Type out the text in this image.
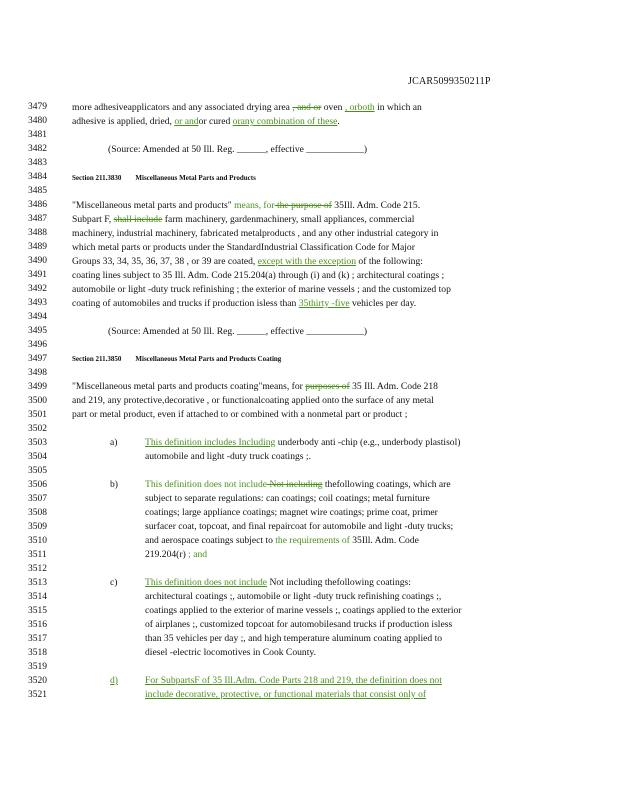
JCAR5099350211P
3479
3480
3481
3482
3483
3484
3485
3486
3487
3488
3489
3490
3491
3492
3493
3494
3495
3496
3497
3498
3499
3500
3501
3502
3503
3504
3505
3506
3507
3508
3509
3510
3511
3512
3513
3514
3515
3516
3517
3518
3519
3520
3521
more adhesiveapplicators and any associated drying area , and or oven , orboth in which an
adhesive is applied, dried, or andor cured orany combination of these.
(Source: Amended at 50 Ill. Reg. ______, effective ____________)
Section 211.3830 Miscellaneous Metal Parts and Products
"Miscellaneous metal parts and products" means, for the purpose of 35Ill. Adm. Code 215.
Subpart F, shall include farm machinery, gardenmachinery, small appliances, commercial
machinery, industrial machinery, fabricated metalproducts , and any other industrial category in
which metal parts or products under the StandardIndustrial Classification Code for Major
Groups 33, 34, 35, 36, 37, 38 , or 39 are coated, except with the exception of the following:
coating lines subject to 35 Ill. Adm. Code 215.204(a) through (i) and (k) ; architectural coatings ;
automobile or light -duty truck refinishing ; the exterior of marine vessels ; and the customized top
coating of automobiles and trucks if production isless than 35thirty -five vehicles per day.
(Source: Amended at 50 Ill. Reg. ______, effective ____________)
Section 211.3850 Miscellaneous Metal Parts and Products Coating
"Miscellaneous metal parts and products coating"means, for purposes of 35 Ill. Adm. Code 218
and 219, any protective,decorative , or functionalcoating applied onto the surface of any metal
part or metal product, even if attached to or combined with a nonmetal part or product ;
a)	This definition includes Including underbody anti -chip (e.g., underbody plastisol)
automobile and light -duty truck coatings ;.
b)	This definition does not include Not including thefollowing coatings, which are
subject to separate regulations: can coatings; coil coatings; metal furniture
coatings; large appliance coatings; magnet wire coatings; prime coat, primer
surfacer coat, topcoat, and final repaircoat for automobile and light -duty trucks;
and aerospace coatings subject to the requirements of 35Ill. Adm. Code
219.204(r) ; and
c)	This definition does not include Not including thefollowing coatings:
architectural coatings ;, automobile or light -duty truck refinishing coatings ;,
coatings applied to the exterior of marine vessels ;, coatings applied to the exterior
of airplanes ;, customized topcoat for automobilesand trucks if production isless
than 35 vehicles per day ;, and high temperature aluminum coating applied to
diesel -electric locomotives in Cook County.
d)	For SubpartsF of 35 Ill.Adm. Code Parts 218 and 219, the definition does not
include decorative, protective, or functional materials that consist only of
